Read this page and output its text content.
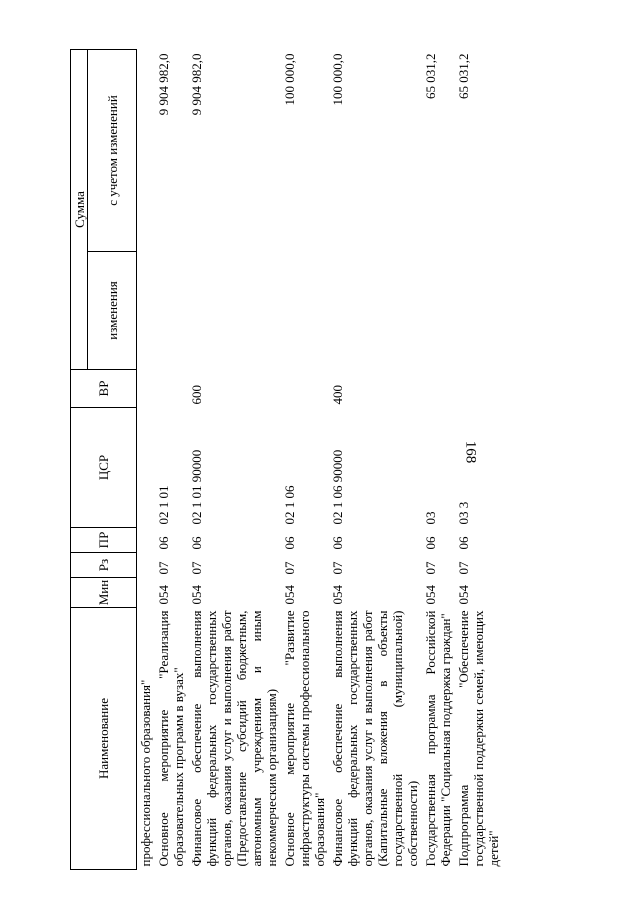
168
Наименование	Мин	Рз	ПР	ЦСР	ВР	Сумма	
						изменения	с учетом изменений
профессионального образования"							
Основное мероприятие "Реализация образовательных программ в вузах"	054	07	06	02 1 01			9 904 982,0
Финансовое обеспечение выполнения функций федеральных государственных органов, оказания услуг и выполнения работ (Предоставление субсидий бюджетным, автономным учреждениям и иным некоммерческим организациям)	054	07	06	02 1 01 90000	600		9 904 982,0
Основное мероприятие "Развитие инфраструктуры системы профессионального образования"	054	07	06	02 1 06			100 000,0
Финансовое обеспечение выполнения функций федеральных государственных органов, оказания услуг и выполнения работ (Капитальные вложения в объекты государственной (муниципальной) собственности)	054	07	06	02 1 06 90000	400		100 000,0
Государственная программа Российской Федерации "Социальная поддержка граждан"	054	07	06	03			65 031,2
Подпрограмма "Обеспечение государственной поддержки семей, имеющих детей"	054	07	06	03 3			65 031,2
